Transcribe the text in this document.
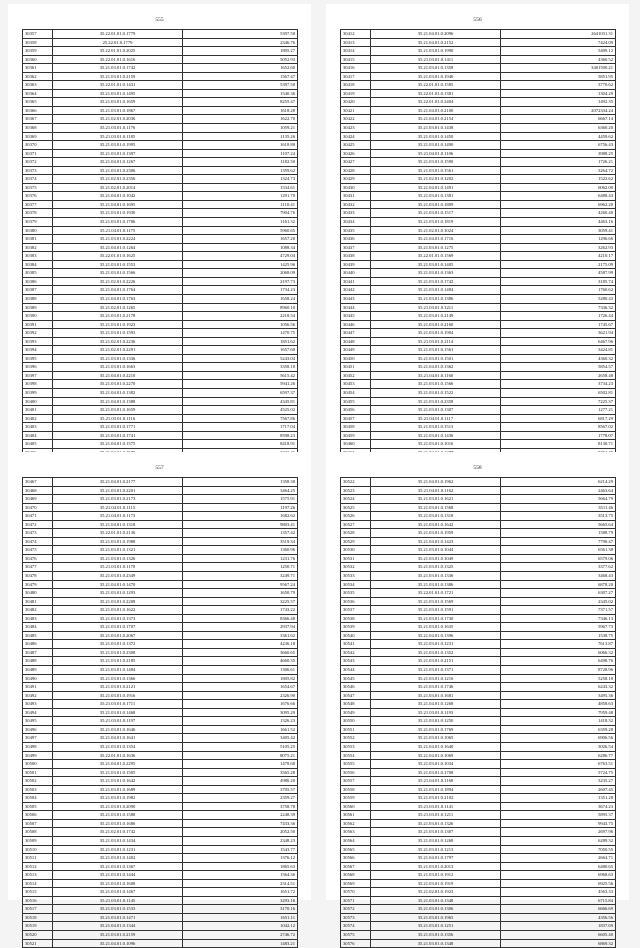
555
30357	35.22.01.01.0.1779	5397.50
30358	25.22.01.0.1779	2346.76
30359	35.22.01.01.0.2025	1805.27
30360	35.22.01.01.0.1616	5052.93
30361	35.21.03.01.0.1742	1652.60
30362	35.21.03.01.0.2159	1567.47
30363	35.22.01.01.0.1431	5397.50
30364	35.21.03.01.0.1495	1540.36
30365	35.21.03.01.0.1659	8255.47
30366	35.21.03.01.0.1867	1618.28
30367	35.21.02.01.0.2036	1622.70
30368	35.21.03.01.0.1176	1059.21
30369	35.21.03.01.0.1185	1135.26
30370	35.21.03.01.0.1995	1618.80
30371	35.21.03.01.0.1397	1107.24
30372	35.21.04.01.0.1267	1182.50
30373	35.21.03.01.0.2306	1359.62
30374	35.21.02.01.0.2356	1324.73
30375	35.21.02.01.0.2014	1534.61
30376	35.21.04.01.0.1042	1291.70
30377	35.21.04.01.0.1695	1110.41
30378	35.21.03.01.0.1930	7904.76
30379	35.21.03.01.0.1786	1161.32
30380	35.21.04.01.0.1175	5960.65
30381	35.21.03.01.0.2224	1657.20
30382	35.21.04.01.0.1264	1088.34
30383	35.22.01.01.0.1625	4729.04
30384	35.21.03.01.0.1553	1425.96
30385	35.21.03.01.0.1566	2068.09
30386	35.21.02.01.0.2226	2197.73
30387	35.21.04.01.0.1764	1734.23
30388	35.21.04.01.0.1763	1658.24
30389	35.21.02.01.0.1265	8960.10
30390	35.21.03.01.0.2178	2218.54
30391	35.21.03.01.0.1923	1056.56
30392	35.21.03.01.0.1593	1470.75
30393	35.21.02.01.0.2236	1851.62
30394	35.21.02.01.0.2291	1657.60
30395	35.21.03.01.0.1336	5243.04
30396	35.21.03.01.0.1663	3358.10
30397	35.21.04.01.0.2210	5615.42
30398	35.21.03.01.0.2270	5941.26
30399	35.21.04.01.0.1382	6597.37
30400	35.21.04.01.0.1388	4345.81
30401	35.21.03.01.0.1659	4525.02
30402	35.21.03.01.0.1116	7567.86
30403	35.21.03.01.0.1771	1717.04
30404	35.21.03.01.0.1741	8598.23
30405	35.21.04.01.0.1575	8418.91

556
30412	35.21.04.01.0.2096	2641031.31
30413	35.21.04.01.0.2152	7424.09
30414	35.21.03.01.0.1990	5409.12
30415	35.21.03.01.0.1411	4360.52
30416	35.21.03.01.0.1358	3401500.21
30417	35.21.03.01.0.1946	5851.95
30418	35.22.01.01.0.1585	3770.62
30419	35.22.01.01.0.1381	1304.29
30420	35.22.01.01.0.2404	1492.35
30421	35.21.04.01.0.2100	2072334.24
30422	35.21.04.01.0.2154	6667.14
30423	35.21.03.01.0.1438	6360.20
30424	35.21.03.01.0.1450	4459.62
30425	35.21.03.01.0.1490	6756.43
30426	35.21.04.01.0.1106	3988.25
30427	35.21.03.01.0.1590	1726.21
30428	35.21.03.01.0.1561	3264.72
30429	35.21.02.01.0.1202	1522.62
30430	35.21.04.01.0.1491	6062.00
30431	35.21.03.01.0.1381	6488.43
30432	35.21.03.01.0.1809	6962.20
30433	35.21.03.01.0.1517	4260.40
30434	35.21.03.01.0.1819	4463.16
30435	35.21.02.01.0.1024	3059.41
30436	35.21.04.01.0.1716	1296.66
30437	35.21.03.01.0.1275	3262.93
30438	35.22.01.01.0.1569	4210.17
30439	35.21.03.01.0.1405	2175.09
30440	35.21.03.01.0.1363	4587.99
30441	35.21.03.01.0.1742	3185.74
30442	35.21.03.01.0.1484	1760.62
30443	35.21.03.01.0.1386	5280.43
30444	35.21.03.01.0.1211	7336.32
30445	35.21.03.01.0.2149	1726.44
30446	35.21.03.01.0.2160	1745.67
30447	35.21.03.01.0.1904	3621.94
30448	35.21.03.01.0.2114	6467.96
30449	35.21.03.01.0.1561	3424.81
30450	35.21.03.01.0.1501	4360.32
30451	35.21.04.01.0.1362	5854.57
30452	35.21.04.01.0.1160	2658.48
30453	35.21.03.01.0.1566	3734.23
30454	35.21.03.01.0.1522	6502.81
30455	35.21.03.01.0.2358	7225.37
30456	35.21.03.01.0.1307	1277.21
30457	35.21.04.01.0.1117	6817.29
30458	35.21.03.01.0.1513	8567.02
30459	35.21.03.01.0.1436	1778.07
30460	35.21.03.01.0.1016	8130.71

557
30467	35.21.04.01.0.2177	1358.30
30468	35.21.03.01.0.2201	3464.25
30469	35.21.03.01.0.2173	1575.91
30470	35.21.04.01.0.1115	1197.26
30471	35.21.04.01.0.1173	1682.62
30472	35.21.04.01.0.1318	9803.41
30473	35.22.01.01.0.2136	1357.42
30474	35.21.03.01.0.1988	3519.34
30475	35.21.03.01.0.1321	1360.96
30476	35.21.03.01.0.1326	1231.76
30477	35.21.03.01.0.1170	1250.71
30478	35.21.03.01.0.2349	3249.71
30479	35.21.04.01.0.1470	9567.24
30480	35.21.03.01.0.1293	1650.79
30481	35.21.03.01.0.2208	3225.57
30482	35.21.03.01.0.1622	1743.22
30483	35.21.03.01.0.1373	8366.48
30484	35.21.03.01.0.1707	2937.94
30485	35.21.03.01.0.2067	3361.62
30486	35.21.03.01.0.1372	4236.18
30487	35.21.03.01.0.2308	3660.65
30488	35.21.03.01.0.2185	4660.35
30489	35.21.03.01.0.1484	1306.61
30490	35.21.03.01.0.1366	1805.82
30491	35.21.03.01.0.2121	1654.67
30492	35.21.03.01.0.1916	2326.90
30493	35.21.03.01.0.1711	1676.66
30494	35.21.03.01.0.1468	3095.29
30495	35.21.03.01.0.1197	1326.23
30496	35.21.03.01.0.1646	1661.52
30497	35.21.04.01.0.1641	3405.42
30498	35.21.03.01.0.1354	5105.25
30499	35.22.01.01.0.1636	8075.21
30500	35.21.04.01.0.2295	1478.68
30501	35.21.03.01.0.1505	3565.28
30502	35.21.03.01.0.1642	4986.20
30503	35.21.03.01.0.1689	3705.57
30504	35.21.03.01.0.1982	2359.27
30505	35.21.03.01.0.2090	3758.78
30506	35.21.03.01.0.1588	2248.39
30507	35.21.03.01.0.1686	7433.36
30508	35.21.02.01.0.1742	2052.50
30509	35.21.03.01.0.1434	2348.23
30510	35.21.03.01.0.1231	1543.77
30511	35.21.03.01.0.1402	1376.12
30512	35.21.03.01.0.1367	1865.63
30513	35.21.03.01.0.1444	1564.36
30514	35.21.03.01.0.1608	2314.51
30515	35.21.03.01.0.1467	1651.72
30516	35.21.03.01.0.1145	3293.16
30517	35.21.03.01.0.1533	3170.16
30518	35.21.03.01.0.1471	1651.11
30519	35.21.04.01.0.1344	1042.12
30520	35.21.03.01.0.2159	2746.72
30521	35.21.04.01.0.1096	1483.21
558
30522	35.21.04.01.0.1962	6214.29
30523	35.21.04.01.0.1162	2463.64
30524	35.21.03.01.0.1621	5664.79
30525	35.21.03.01.0.1568	3511.46
30526	35.21.03.01.0.1318	3513.75
30527	35.21.03.01.0.1642	5665.64
30528	35.21.03.01.0.1959	1588.79
30529	35.21.04.01.0.1423	7790.47
30530	35.21.03.01.0.1044	6561.38
30531	35.21.03.01.0.1049	6579.06
30532	35.21.03.01.0.1325	3377.62
30533	35.21.03.01.0.1336	3468.43
30534	35.21.03.01.0.1386	6878.20
30535	35.22.01.01.0.1721	6307.27
30536	35.21.03.01.0.1569	2345.02
30537	35.21.03.01.0.1591	7371.57
30538	35.21.03.01.0.1730	7346.13
30539	35.21.03.01.0.1635	5967.73
30540	35.21.04.01.0.1396	1538.75
30541	35.21.03.01.0.1231	7613.87
30542	35.21.03.01.0.1352	6066.32
30543	35.21.03.01.0.2151	6498.76
30544	35.21.03.01.0.1371	8728.96
30545	35.21.03.01.0.1216	5258.18
30546	35.21.03.01.0.1746	6243.32
30547	35.21.03.01.0.1681	3495.36
30548	35.21.04.01.0.1268	4858.63
30549	35.21.03.01.0.1193	7959.48
30550	35.21.03.01.0.1250	1418.32
30551	35.21.03.01.0.1769	6359.28
30552	35.21.03.01.0.1065	6906.56
30553	35.21.04.01.0.1640	3026.54
30554	35.21.04.01.0.1069	6286.77
30555	35.21.03.01.0.1034	6763.51
30556	35.21.03.01.0.1708	5724.75
30557	35.21.04.01.0.1168	3235.27
30558	35.21.03.01.0.1894	2607.45
30559	35.21.03.01.0.2102	1351.28
30560	35.21.03.01.0.1141	3674.23
30561	35.21.03.01.0.1211	5895.37
30562	35.21.03.01.0.1326	9943.75
30563	35.21.03.01.0.1307	2697.96
30564	35.21.03.01.0.1268	6289.32
30565	35.21.03.01.0.1213	7050.55
30566	35.21.04.01.0.1797	2664.71
30567	35.21.03.01.0.2013	6480.65
30568	35.21.03.01.0.1912	6968.63
30569	35.21.03.01.0.1919	6925.56
30570	35.21.02.01.0.1923	4563.33
30571	35.21.03.01.0.1348	6715.84
30572	35.21.03.01.0.1306	6666.69
30573	35.21.03.01.0.1965	4356.56
30574	35.21.03.01.0.1251	1837.69
30575	35.21.03.01.0.1356	6605.40
30576	35.21.03.01.0.1348	6869.32
